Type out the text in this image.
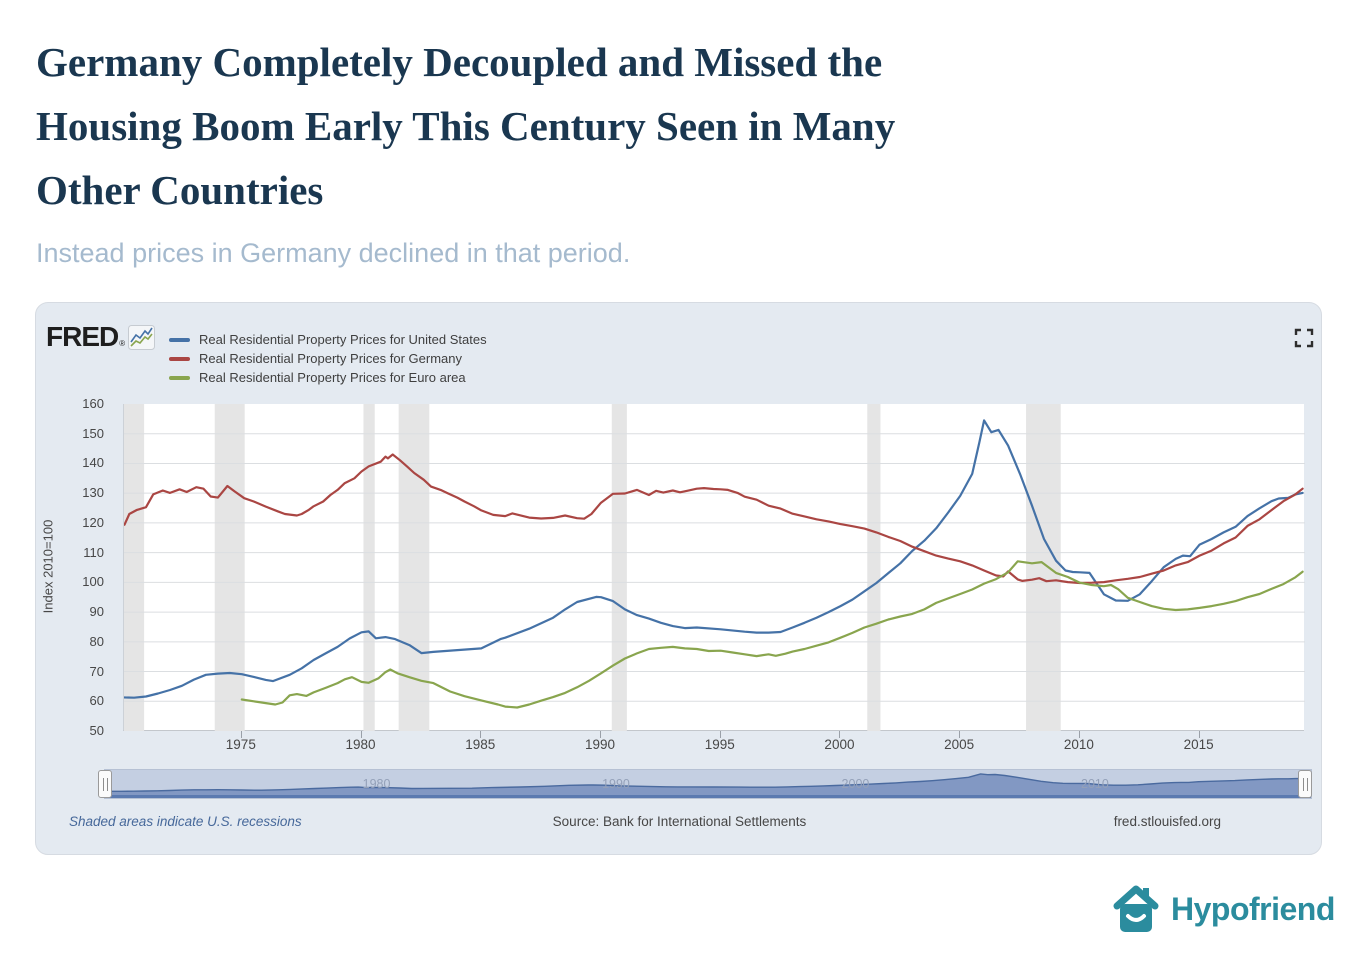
Germany Completely Decoupled and Missed the
Housing Boom Early This Century Seen in Many
Other Countries

Instead prices in Germany declined in that period.

FRED ®	Real Residential Property Prices for United States
Real Residential Property Prices for Germany
Real Residential Property Prices for Euro area
Index 2010=100
160
150
140
130
120
110
100
90
80
70
60
50
1975	1980	1985	1990	1995	2000	2005	2010	2015
1980	1990	2000	2010
Source: Bank for International Settlements
Shaded areas indicate U.S. recessions	fred.stlouisfed.org
Hypofriend
